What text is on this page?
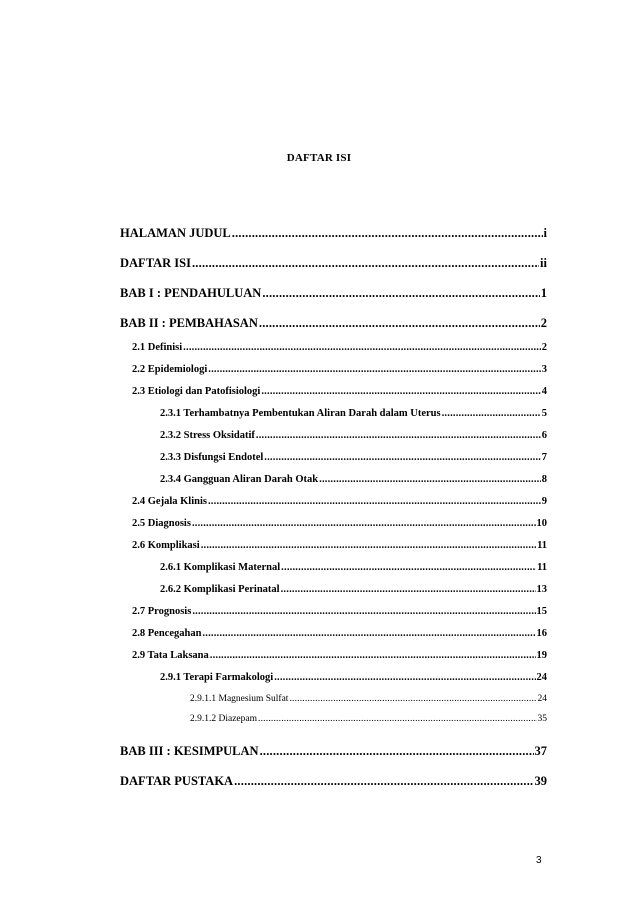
DAFTAR ISI
HALAMAN JUDUL .....	i
DAFTAR ISI .....	ii
BAB I : PENDAHULUAN .....	1
BAB II : PEMBAHASAN .....	2
2.1 Definisi .....	2
2.2 Epidemiologi .....	3
2.3 Etiologi dan Patofisiologi .....	4
2.3.1 Terhambatnya Pembentukan Aliran Darah dalam Uterus .....	5
2.3.2 Stress Oksidatif .....	6
2.3.3 Disfungsi Endotel .....	7
2.3.4 Gangguan Aliran Darah Otak .....	8
2.4 Gejala Klinis .....	9
2.5 Diagnosis .....	10
2.6 Komplikasi .....	11
2.6.1 Komplikasi Maternal .....	11
2.6.2 Komplikasi Perinatal .....	13
2.7 Prognosis .....	15
2.8 Pencegahan .....	16
2.9 Tata Laksana .....	19
2.9.1 Terapi Farmakologi .....	24
2.9.1.1 Magnesium Sulfat .....	24
2.9.1.2 Diazepam .....	35
BAB III : KESIMPULAN .....	37
DAFTAR PUSTAKA .....	39
3
